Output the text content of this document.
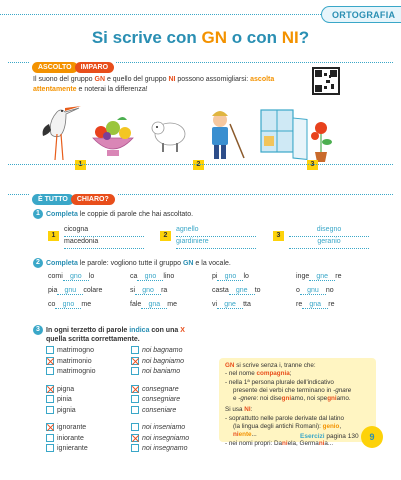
ORTOGRAFIA
Si scrive con GN o con NI?
ASCOLTO IMPARO
Il suono del gruppo GN e quello del gruppo NI possono assomigliarsi: ascolta
attentamente e noterai la differenza!
1	2	3
È TUTTO CHIARO?
1 Completa le coppie di parole che hai ascoltato.
1
cicogna
macedonia
2
agnello
giardiniere
3
disegno
geranio
2 Completa le parole: vogliono tutte il gruppo GN e la vocale.
comi gno lo	ca gno lino	pi gno lo	inge gne re
pia gnu colare	si gno ra	casta gne to	o gnu no
co gno me	fale gna me	vi gne tta	re gna re
3 In ogni terzetto di parole indica con una X
quella scritta correttamente.
matrimogno	noi bagnamo
matrimonio	noi bagniamo
matrimognio	noi baniamo
pigna	consegnare
pinia	consegniare
pignia	conseniare
ignorante	noi inseniamo
iniorante	noi insegniamo
ignierante	noi insegnamo
GN si scrive senza i, tranne che:
- nel nome compagnia;
- nella 1ª persona plurale dell'indicativo
presente dei verbi che terminano in -gnare
e -gnere: noi disegniamo, noi spegniamo.
Si usa NI:
- soprattutto nelle parole derivate dal latino
(la lingua degli antichi Romani): genio,
niente...
- nei nomi propri: Daniela, Germania...
Esercizi pagina 130	9
